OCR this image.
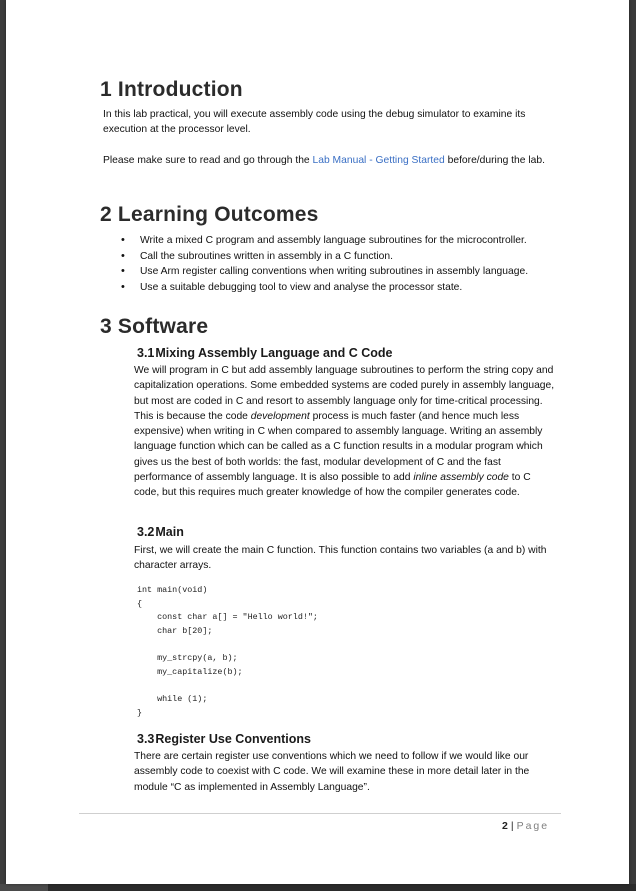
1 Introduction

In this lab practical, you will execute assembly code using the debug simulator to examine its execution at the processor level.

Please make sure to read and go through the Lab Manual - Getting Started before/during the lab.

2 Learning Outcomes
• Write a mixed C program and assembly language subroutines for the microcontroller.
• Call the subroutines written in assembly in a C function.
• Use Arm register calling conventions when writing subroutines in assembly language.
• Use a suitable debugging tool to view and analyse the processor state.
3 Software
3.1Mixing Assembly Language and C Code

We will program in C but add assembly language subroutines to perform the string copy and capitalization operations. Some embedded systems are coded purely in assembly language, but most are coded in C and resort to assembly language only for time-critical processing. This is because the code development process is much faster (and hence much less expensive) when writing in C when compared to assembly language. Writing an assembly language function which can be called as a C function results in a modular program which gives us the best of both worlds: the fast, modular development of C and the fast performance of assembly language. It is also possible to add inline assembly code to C code, but this requires much greater knowledge of how the compiler generates code.

3.2Main

First, we will create the main C function. This function contains two variables (a and b) with character arrays.

int main(void)
{
const char a[] = "Hello world!";
char b[20];

my_strcpy(a, b);
my_capitalize(b);

while (1);
}
3.3Register Use Conventions

There are certain register use conventions which we need to follow if we would like our assembly code to coexist with C code. We will examine these in more detail later in the module “C as implemented in Assembly Language”.

2 | Page
